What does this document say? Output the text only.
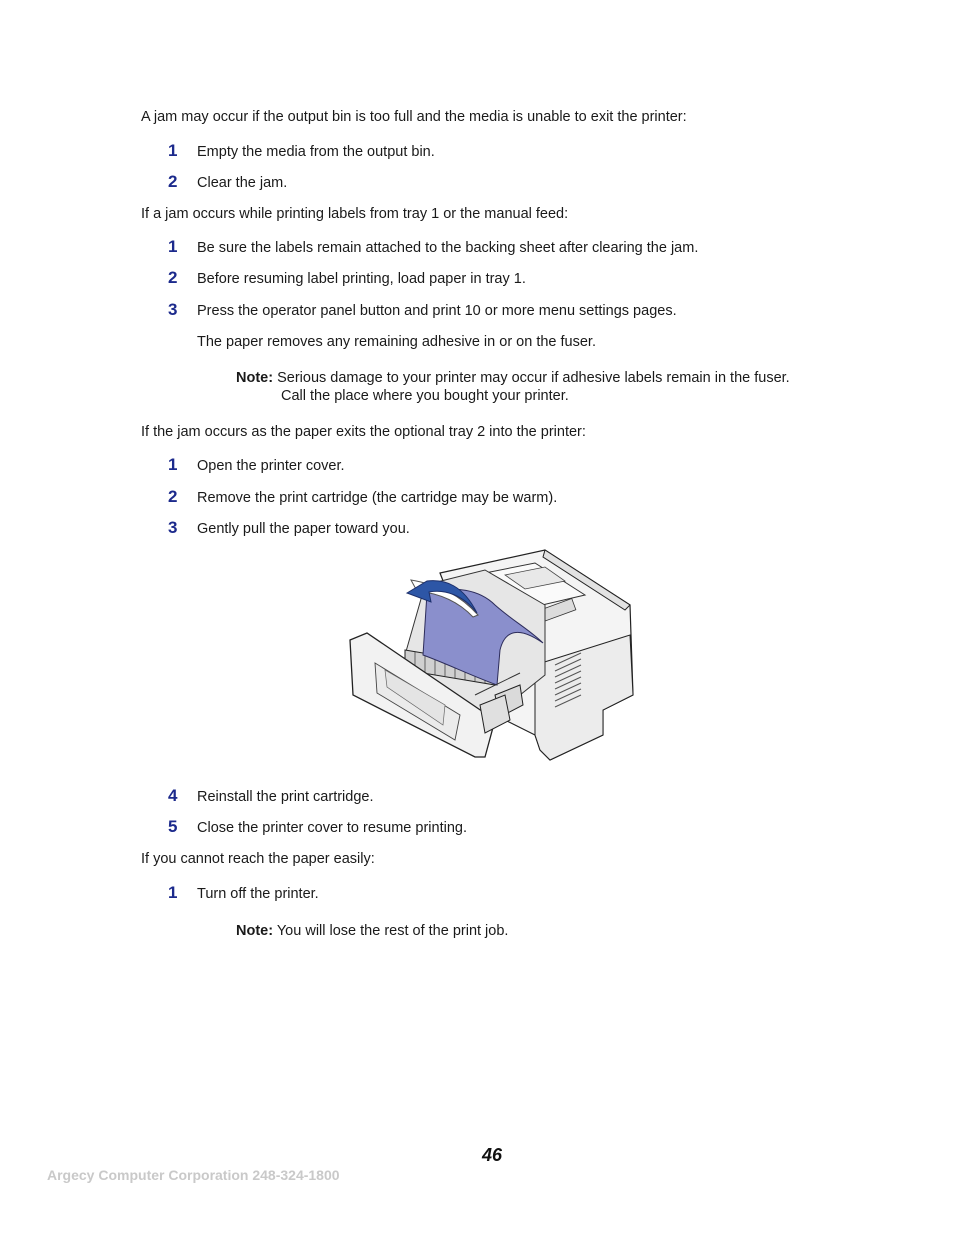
A jam may occur if the output bin is too full and the media is unable to exit the printer:
1 Empty the media from the output bin.
2 Clear the jam.
If a jam occurs while printing labels from tray 1 or the manual feed:
1 Be sure the labels remain attached to the backing sheet after clearing the jam.
2 Before resuming label printing, load paper in tray 1.
3 Press the operator panel button and print 10 or more menu settings pages.
The paper removes any remaining adhesive in or on the fuser.
Note: Serious damage to your printer may occur if adhesive labels remain in the fuser.
Call the place where you bought your printer.
If the jam occurs as the paper exits the optional tray 2 into the printer:
1 Open the printer cover.
2 Remove the print cartridge (the cartridge may be warm).
3 Gently pull the paper toward you.
4 Reinstall the print cartridge.
5 Close the printer cover to resume printing.
If you cannot reach the paper easily:
1 Turn off the printer.
Note: You will lose the rest of the print job.
46
Argecy Computer Corporation 248-324-1800
